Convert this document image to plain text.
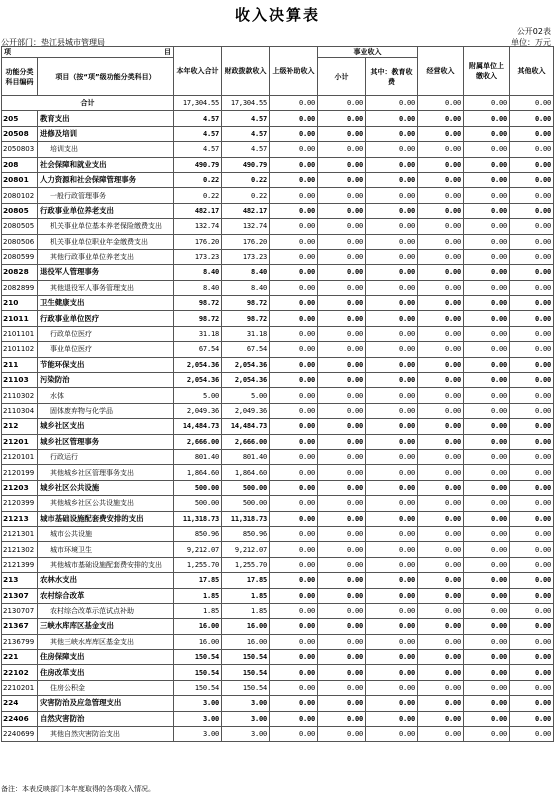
收入决算表
公开02表
公开部门：垫江县城市管理局	单位：万元
项 目		本年收入合计	财政拨款收入	上级补助收入	事业收入		经营收入	附属单位上缴收入	其他收入
功能分类科目编码	项目（按“项”级功能分类科目）				小计	其中：教育收费			

合计		17,304.55	17,304.55	0.00	0.00	0.00	0.00	0.00	0.00
205	教育支出	4.57	4.57	0.00	0.00	0.00	0.00	0.00	0.00
20508	进修及培训	4.57	4.57	0.00	0.00	0.00	0.00	0.00	0.00
2050803	培训支出	4.57	4.57	0.00	0.00	0.00	0.00	0.00	0.00
208	社会保障和就业支出	490.79	490.79	0.00	0.00	0.00	0.00	0.00	0.00
20801	人力资源和社会保障管理事务	0.22	0.22	0.00	0.00	0.00	0.00	0.00	0.00
2080102	一般行政管理事务	0.22	0.22	0.00	0.00	0.00	0.00	0.00	0.00
20805	行政事业单位养老支出	482.17	482.17	0.00	0.00	0.00	0.00	0.00	0.00
2080505	机关事业单位基本养老保险缴费支出	132.74	132.74	0.00	0.00	0.00	0.00	0.00	0.00
2080506	机关事业单位职业年金缴费支出	176.20	176.20	0.00	0.00	0.00	0.00	0.00	0.00
2080599	其他行政事业单位养老支出	173.23	173.23	0.00	0.00	0.00	0.00	0.00	0.00
20828	退役军人管理事务	8.40	8.40	0.00	0.00	0.00	0.00	0.00	0.00
2082899	其他退役军人事务管理支出	8.40	8.40	0.00	0.00	0.00	0.00	0.00	0.00
210	卫生健康支出	98.72	98.72	0.00	0.00	0.00	0.00	0.00	0.00
21011	行政事业单位医疗	98.72	98.72	0.00	0.00	0.00	0.00	0.00	0.00
2101101	行政单位医疗	31.18	31.18	0.00	0.00	0.00	0.00	0.00	0.00
2101102	事业单位医疗	67.54	67.54	0.00	0.00	0.00	0.00	0.00	0.00
211	节能环保支出	2,054.36	2,054.36	0.00	0.00	0.00	0.00	0.00	0.00
21103	污染防治	2,054.36	2,054.36	0.00	0.00	0.00	0.00	0.00	0.00
2110302	水体	5.00	5.00	0.00	0.00	0.00	0.00	0.00	0.00
2110304	固体废弃物与化学品	2,049.36	2,049.36	0.00	0.00	0.00	0.00	0.00	0.00
212	城乡社区支出	14,484.73	14,484.73	0.00	0.00	0.00	0.00	0.00	0.00
21201	城乡社区管理事务	2,666.00	2,666.00	0.00	0.00	0.00	0.00	0.00	0.00
2120101	行政运行	801.40	801.40	0.00	0.00	0.00	0.00	0.00	0.00
2120199	其他城乡社区管理事务支出	1,864.60	1,864.60	0.00	0.00	0.00	0.00	0.00	0.00
21203	城乡社区公共设施	500.00	500.00	0.00	0.00	0.00	0.00	0.00	0.00
2120399	其他城乡社区公共设施支出	500.00	500.00	0.00	0.00	0.00	0.00	0.00	0.00
21213	城市基础设施配套费安排的支出	11,318.73	11,318.73	0.00	0.00	0.00	0.00	0.00	0.00
2121301	城市公共设施	850.96	850.96	0.00	0.00	0.00	0.00	0.00	0.00
2121302	城市环境卫生	9,212.07	9,212.07	0.00	0.00	0.00	0.00	0.00	0.00
2121399	其他城市基础设施配套费安排的支出	1,255.70	1,255.70	0.00	0.00	0.00	0.00	0.00	0.00
213	农林水支出	17.85	17.85	0.00	0.00	0.00	0.00	0.00	0.00
21307	农村综合改革	1.85	1.85	0.00	0.00	0.00	0.00	0.00	0.00
2130707	农村综合改革示范试点补助	1.85	1.85	0.00	0.00	0.00	0.00	0.00	0.00
21367	三峡水库库区基金支出	16.00	16.00	0.00	0.00	0.00	0.00	0.00	0.00
2136799	其他三峡水库库区基金支出	16.00	16.00	0.00	0.00	0.00	0.00	0.00	0.00
221	住房保障支出	150.54	150.54	0.00	0.00	0.00	0.00	0.00	0.00
22102	住房改革支出	150.54	150.54	0.00	0.00	0.00	0.00	0.00	0.00
2210201	住房公积金	150.54	150.54	0.00	0.00	0.00	0.00	0.00	0.00
224	灾害防治及应急管理支出	3.00	3.00	0.00	0.00	0.00	0.00	0.00	0.00
22406	自然灾害防治	3.00	3.00	0.00	0.00	0.00	0.00	0.00	0.00
2240699	其他自然灾害防治支出	3.00	3.00	0.00	0.00	0.00	0.00	0.00	0.00
备注：本表反映部门本年度取得的各项收入情况。
